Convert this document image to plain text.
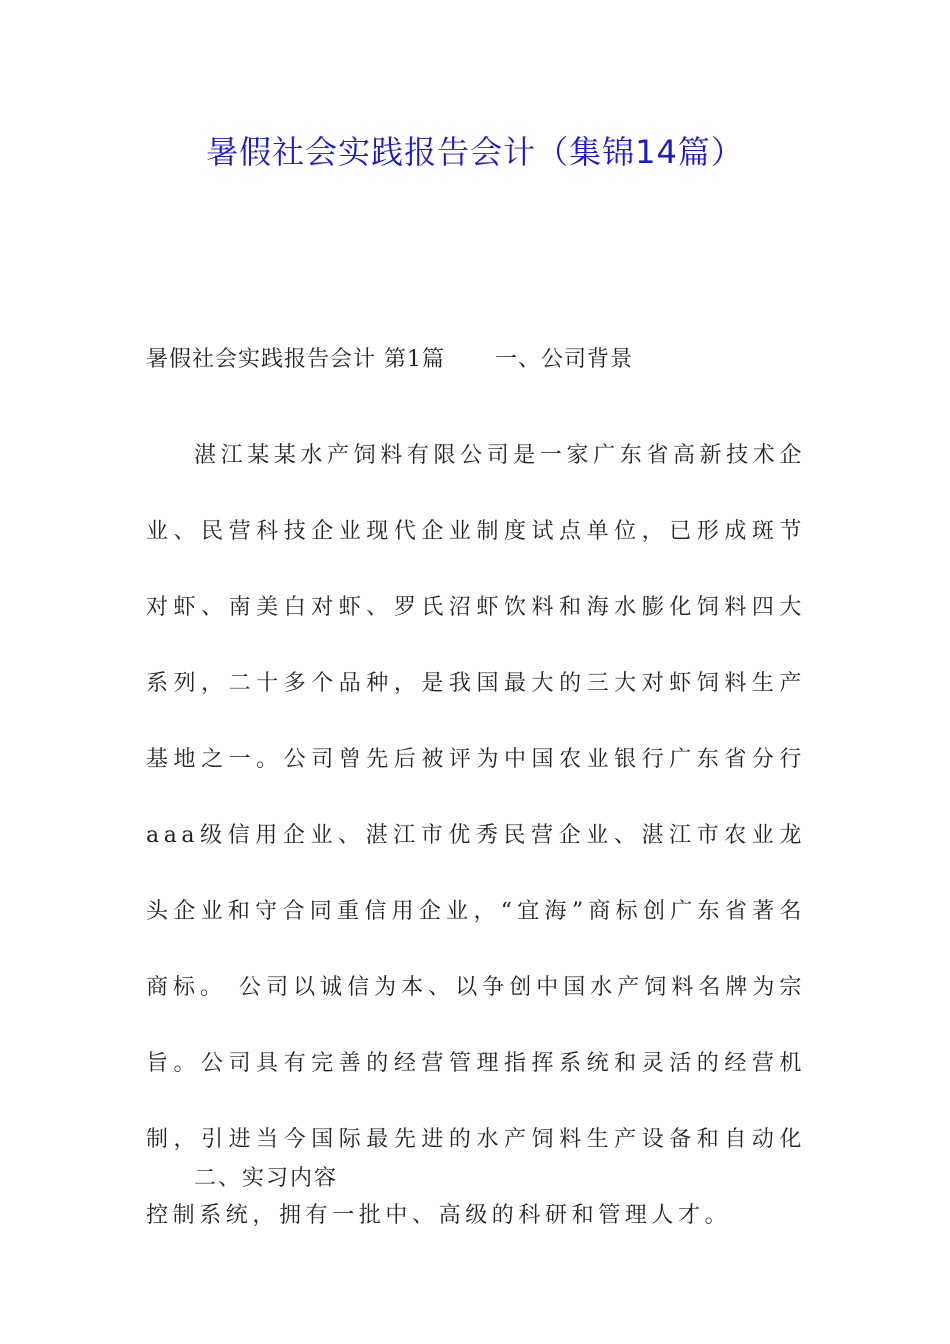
暑假社会实践报告会计（集锦14篇）
暑假社会实践报告会计 第1篇 一、公司背景

湛江某某水产饲料有限公司是一家广东省高新技术企业、民营科技企业现代企业制度试点单位，已形成斑节对虾、南美白对虾、罗氏沼虾饮料和海水膨化饲料四大系列，二十多个品种，是我国最大的三大对虾饲料生产基地之一。公司曾先后被评为中国农业银行广东省分行aaa级信用企业、湛江市优秀民营企业、湛江市农业龙头企业和守合同重信用企业，“宜海”商标创广东省著名商标。 公司以诚信为本、以争创中国水产饲料名牌为宗旨。公司具有完善的经营管理指挥系统和灵活的经营机制，引进当今国际最先进的水产饲料生产设备和自动化控制系统，拥有一批中、高级的科研和管理人才。

二、实习内容
